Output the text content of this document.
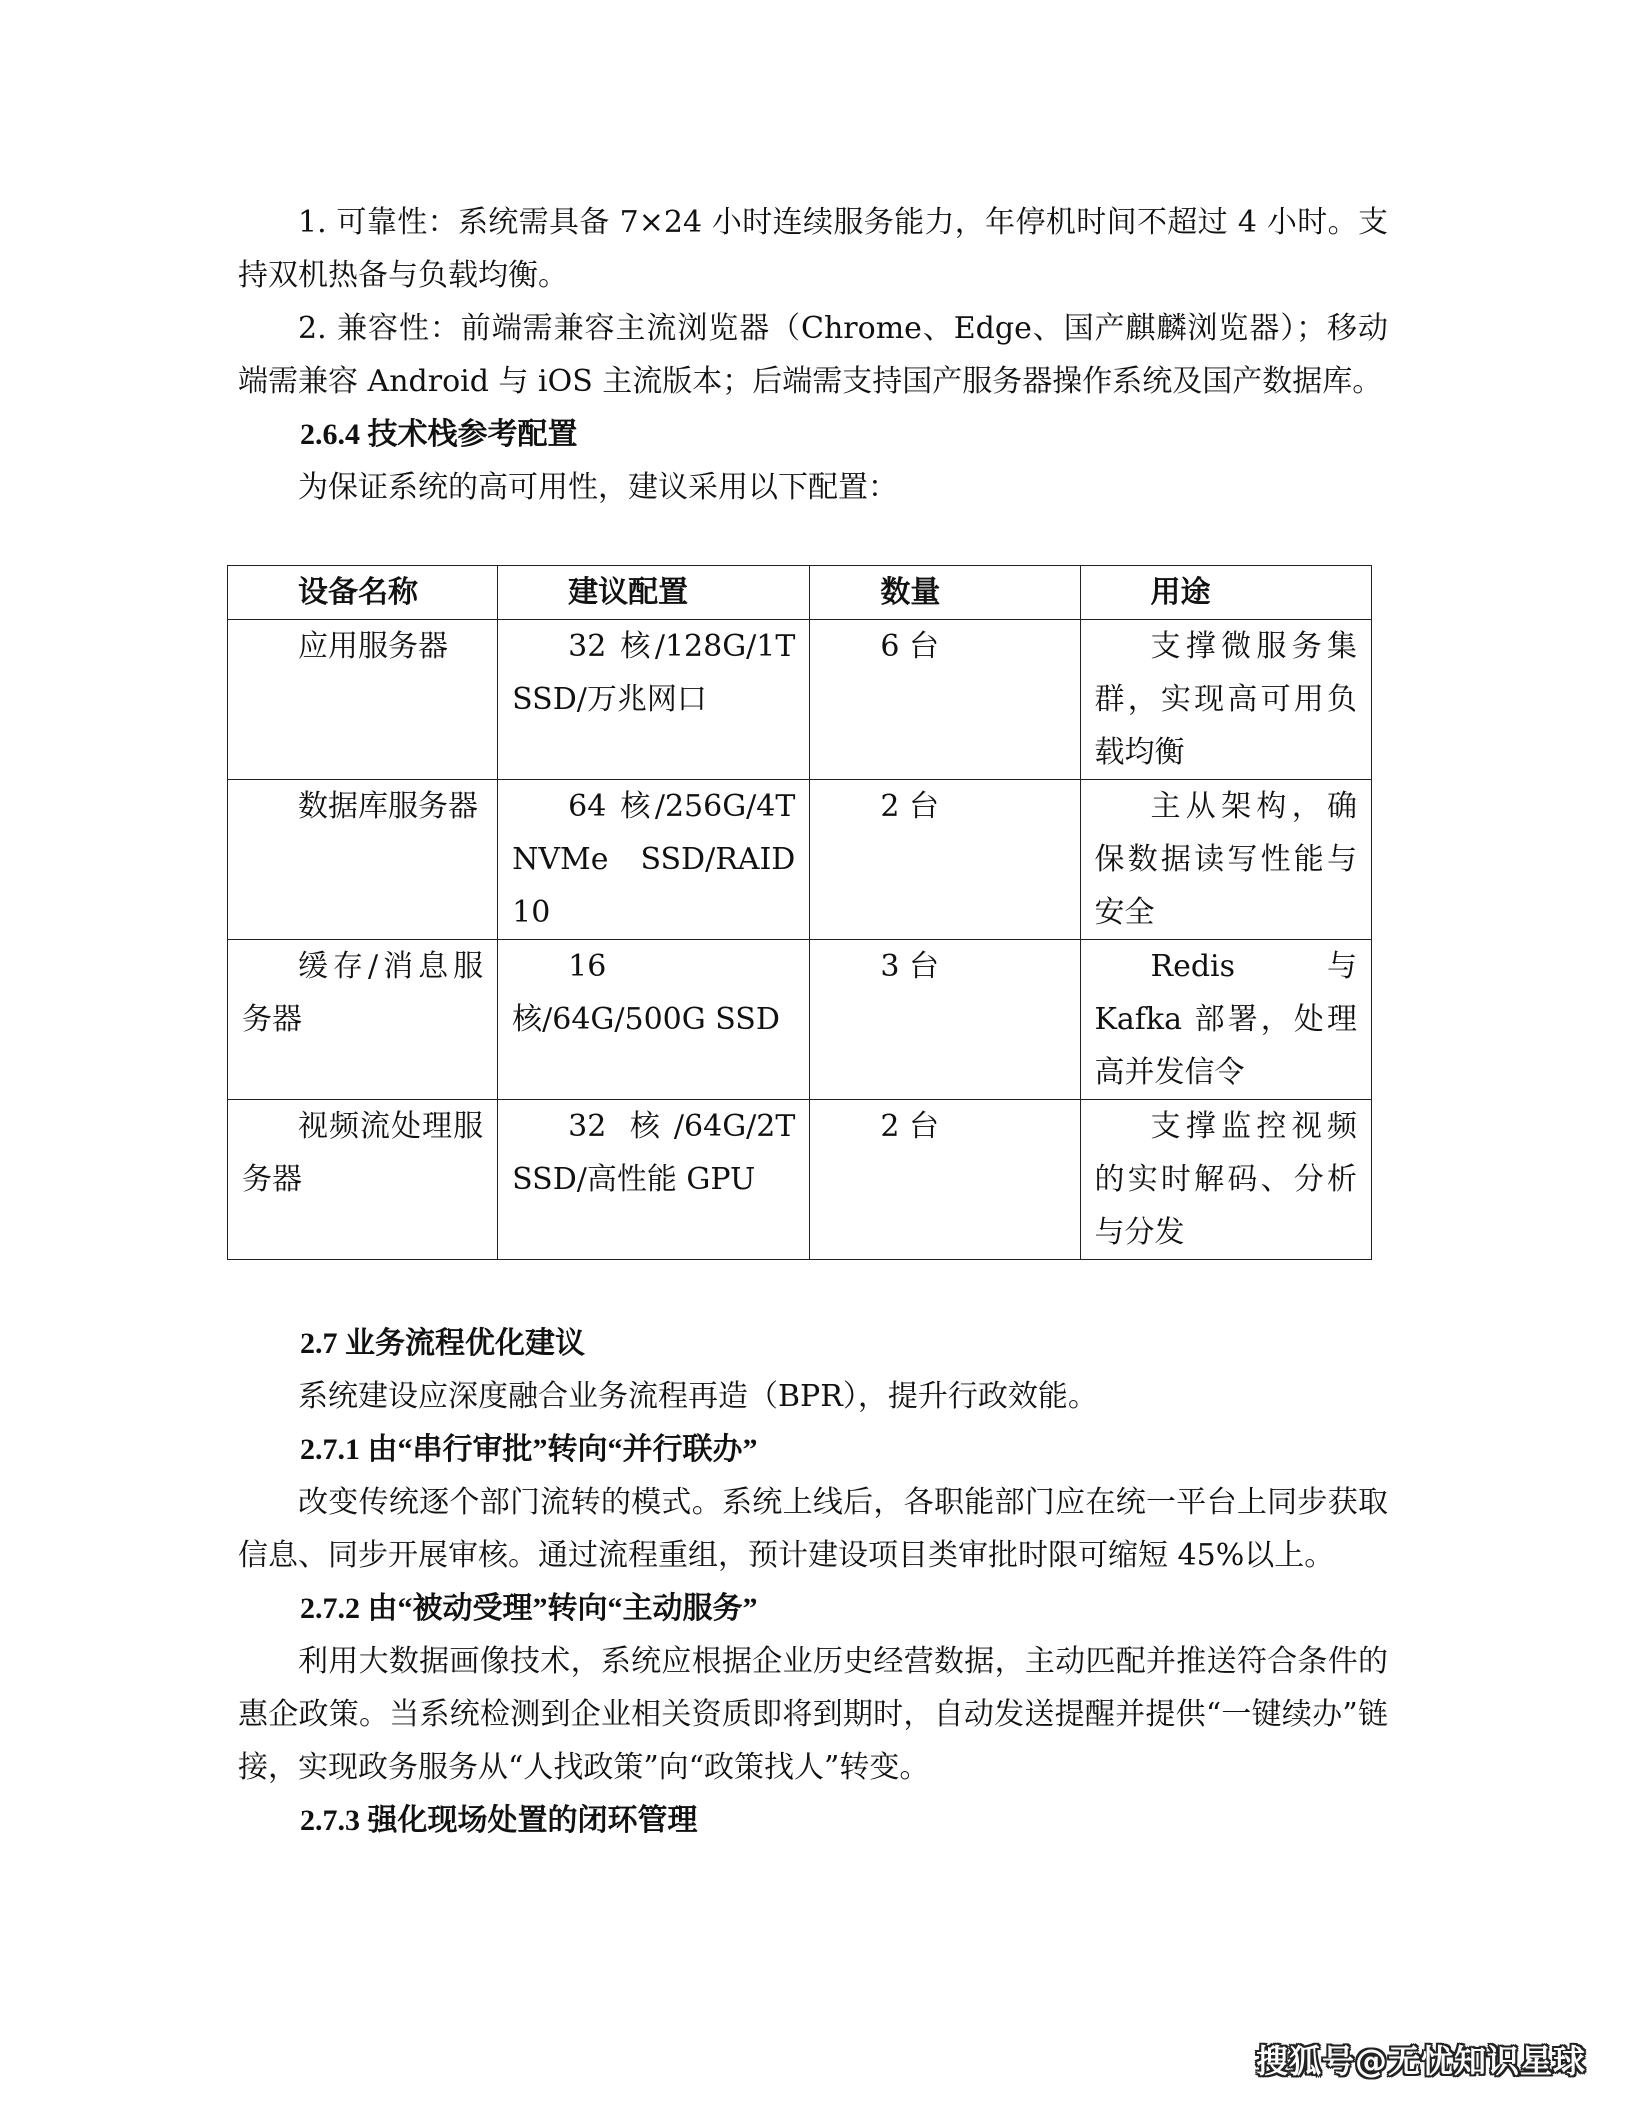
1. 可靠性：系统需具备 7×24 小时连续服务能力，年停机时间不超过 4 小时。支持双机热备与负载均衡。

2. 兼容性：前端需兼容主流浏览器（Chrome、Edge、国产麒麟浏览器）；移动端需兼容 Android 与 iOS 主流版本；后端需支持国产服务器操作系统及国产数据库。

2.6.4 技术栈参考配置

为保证系统的高可用性，建议采用以下配置：

设备名称	建议配置	数量	用途
应用服务器	32 核/128G/1T SSD/万兆网口	6 台	支撑微服务集群，实现高可用负载均衡
数据库服务器	64 核/256G/4T NVMe SSD/RAID 10	2 台	主从架构，确保数据读写性能与安全
缓存/消息服务器	16 核/64G/500G SSD	3 台	Redis 与 Kafka 部署，处理高并发信令
视频流处理服务器	32 核/64G/2T SSD/高性能 GPU	2 台	支撑监控视频的实时解码、分析与分发

2.7 业务流程优化建议

系统建设应深度融合业务流程再造（BPR），提升行政效能。

2.7.1 由“串行审批”转向“并行联办”

改变传统逐个部门流转的模式。系统上线后，各职能部门应在统一平台上同步获取信息、同步开展审核。通过流程重组，预计建设项目类审批时限可缩短 45%以上。

2.7.2 由“被动受理”转向“主动服务”

利用大数据画像技术，系统应根据企业历史经营数据，主动匹配并推送符合条件的惠企政策。当系统检测到企业相关资质即将到期时，自动发送提醒并提供“一键续办”链接，实现政务服务从“人找政策”向“政策找人”转变。

2.7.3 强化现场处置的闭环管理

搜狐号@无忧知识星球
